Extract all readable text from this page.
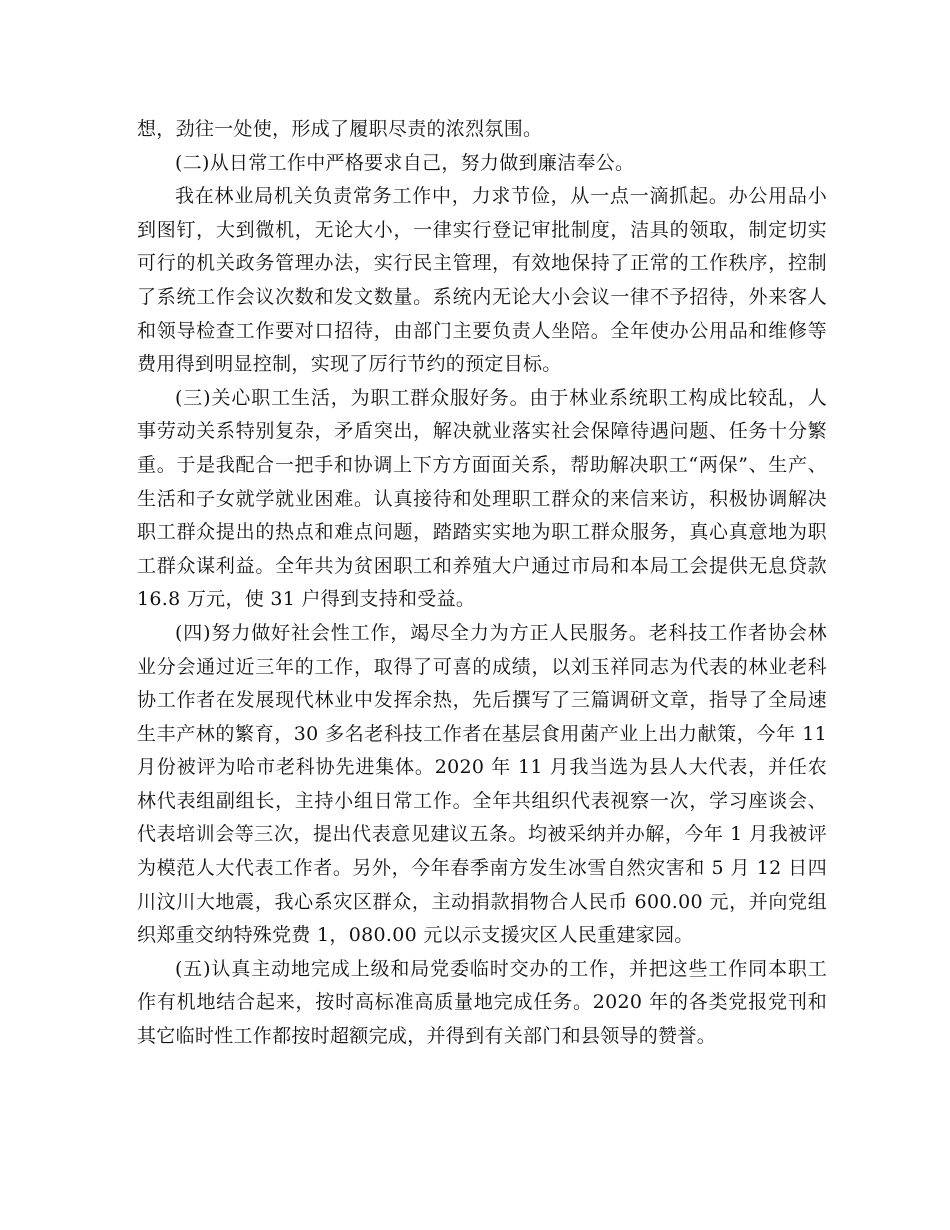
想，劲往一处使，形成了履职尽责的浓烈氛围。

(二)从日常工作中严格要求自己，努力做到廉洁奉公。

我在林业局机关负责常务工作中，力求节俭，从一点一滴抓起。办公用品小到图钉，大到微机，无论大小，一律实行登记审批制度，洁具的领取，制定切实可行的机关政务管理办法，实行民主管理，有效地保持了正常的工作秩序，控制了系统工作会议次数和发文数量。系统内无论大小会议一律不予招待，外来客人和领导检查工作要对口招待，由部门主要负责人坐陪。全年使办公用品和维修等费用得到明显控制，实现了厉行节约的预定目标。

(三)关心职工生活，为职工群众服好务。由于林业系统职工构成比较乱，人事劳动关系特别复杂，矛盾突出，解决就业落实社会保障待遇问题、任务十分繁重。于是我配合一把手和协调上下方方面面关系，帮助解决职工“两保”、生产、生活和子女就学就业困难。认真接待和处理职工群众的来信来访，积极协调解决职工群众提出的热点和难点问题，踏踏实实地为职工群众服务，真心真意地为职工群众谋利益。全年共为贫困职工和养殖大户通过市局和本局工会提供无息贷款 16.8 万元，使 31 户得到支持和受益。

(四)努力做好社会性工作，竭尽全力为方正人民服务。老科技工作者协会林业分会通过近三年的工作，取得了可喜的成绩，以刘玉祥同志为代表的林业老科协工作者在发展现代林业中发挥余热，先后撰写了三篇调研文章，指导了全局速生丰产林的繁育，30 多名老科技工作者在基层食用菌产业上出力献策，今年 11 月份被评为哈市老科协先进集体。2020 年 11 月我当选为县人大代表，并任农林代表组副组长，主持小组日常工作。全年共组织代表视察一次，学习座谈会、代表培训会等三次，提出代表意见建议五条。均被采纳并办解，今年 1 月我被评为模范人大代表工作者。另外，今年春季南方发生冰雪自然灾害和 5 月 12 日四川汶川大地震，我心系灾区群众，主动捐款捐物合人民币 600.00 元，并向党组织郑重交纳特殊党费 1，080.00 元以示支援灾区人民重建家园。

(五)认真主动地完成上级和局党委临时交办的工作，并把这些工作同本职工作有机地结合起来，按时高标准高质量地完成任务。2020 年的各类党报党刊和其它临时性工作都按时超额完成，并得到有关部门和县领导的赞誉。
